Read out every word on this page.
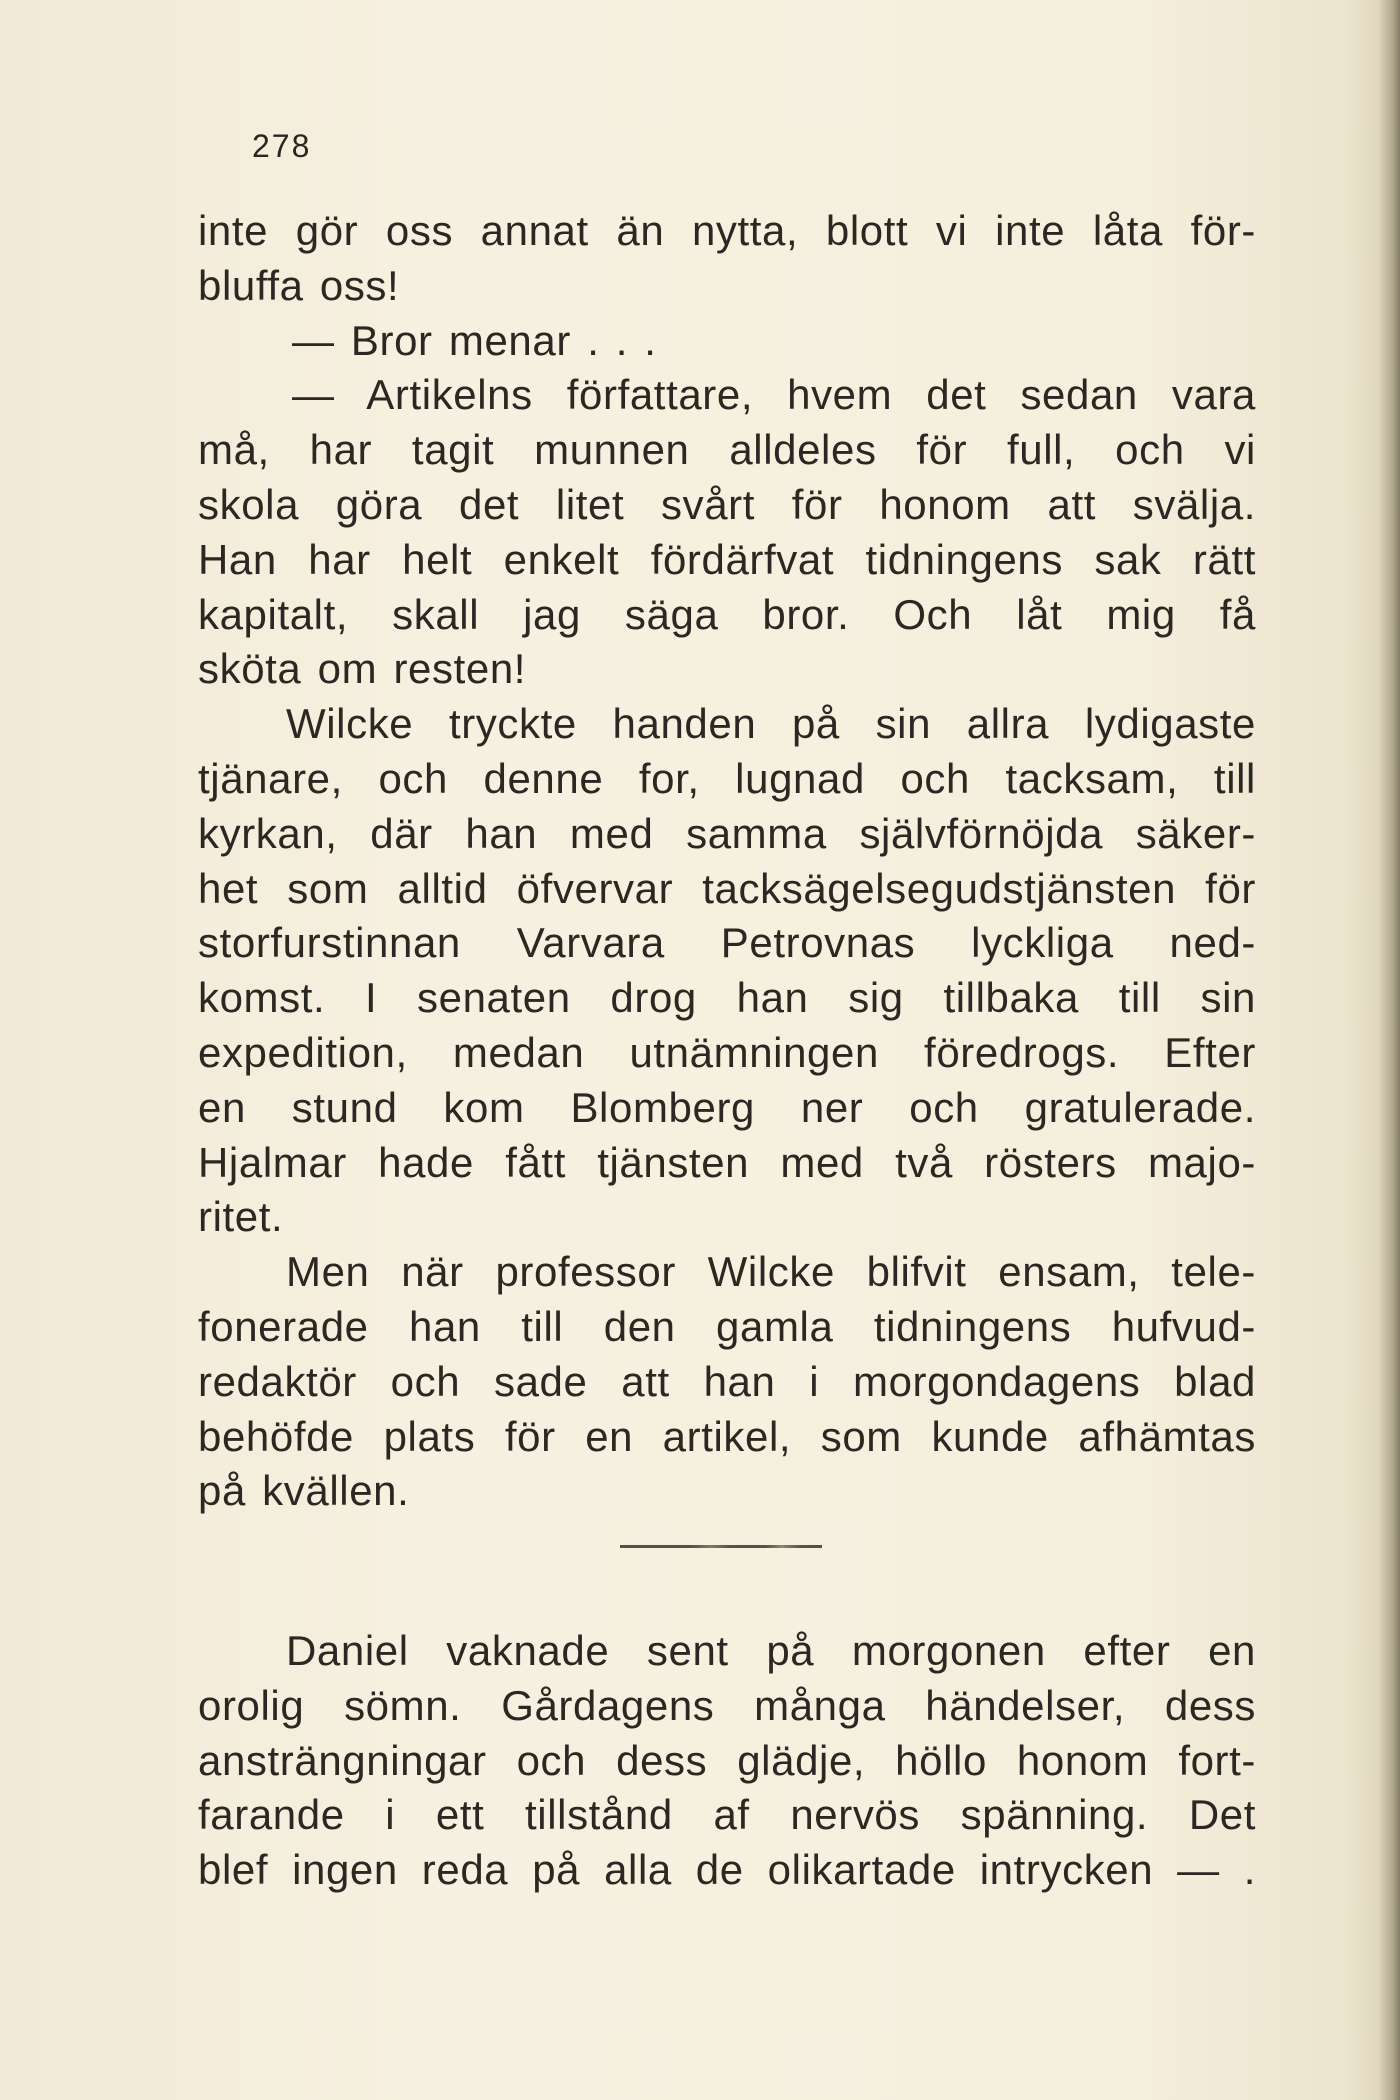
278
inte gör oss annat än nytta, blott vi inte låta för-
bluffa oss!
— Bror menar . . .
— Artikelns författare, hvem det sedan vara
må, har tagit munnen alldeles för full, och vi
skola göra det litet svårt för honom att svälja.
Han har helt enkelt fördärfvat tidningens sak rätt
kapitalt, skall jag säga bror. Och låt mig få
sköta om resten!
Wilcke tryckte handen på sin allra lydigaste
tjänare, och denne for, lugnad och tacksam, till
kyrkan, där han med samma självförnöjda säker-
het som alltid öfvervar tacksägelsegudstjänsten för
storfurstinnan Varvara Petrovnas lyckliga ned-
komst. I senaten drog han sig tillbaka till sin
expedition, medan utnämningen föredrogs. Efter
en stund kom Blomberg ner och gratulerade.
Hjalmar hade fått tjänsten med två rösters majo-
ritet.
Men när professor Wilcke blifvit ensam, tele-
fonerade han till den gamla tidningens hufvud-
redaktör och sade att han i morgondagens blad
behöfde plats för en artikel, som kunde afhämtas
på kvällen.
Daniel vaknade sent på morgonen efter en
orolig sömn. Gårdagens många händelser, dess
ansträngningar och dess glädje, höllo honom fort-
farande i ett tillstånd af nervös spänning. Det
blef ingen reda på alla de olikartade intrycken — .
